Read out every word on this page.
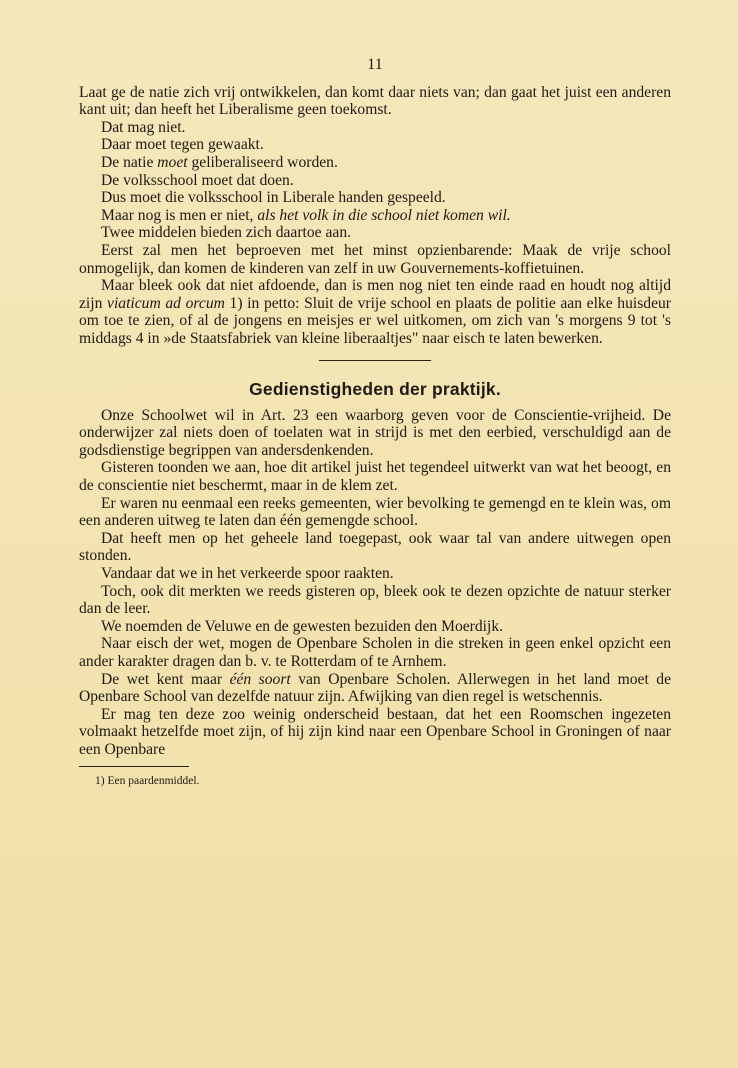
11

Laat ge de natie zich vrij ontwikkelen, dan komt daar niets van; dan gaat het juist een anderen kant uit; dan heeft het Liberalisme geen toekomst.

Dat mag niet.

Daar moet tegen gewaakt.

De natie moet geliberaliseerd worden.

De volksschool moet dat doen.

Dus moet die volksschool in Liberale handen gespeeld.

Maar nog is men er niet, als het volk in die school niet komen wil.

Twee middelen bieden zich daartoe aan.

Eerst zal men het beproeven met het minst opzienbarende: Maak de vrije school onmogelijk, dan komen de kinderen van zelf in uw Gouvernements-koffietuinen.

Maar bleek ook dat niet afdoende, dan is men nog niet ten einde raad en houdt nog altijd zijn viaticum ad orcum 1) in petto: Sluit de vrije school en plaats de politie aan elke huisdeur om toe te zien, of al de jongens en meisjes er wel uitkomen, om zich van 's morgens 9 tot 's middags 4 in »de Staatsfabriek van kleine liberaaltjes" naar eisch te laten bewerken.

Gedienstigheden der praktijk.

Onze Schoolwet wil in Art. 23 een waarborg geven voor de Conscientie-vrijheid. De onderwijzer zal niets doen of toelaten wat in strijd is met den eerbied, verschuldigd aan de godsdienstige begrippen van andersdenkenden.

Gisteren toonden we aan, hoe dit artikel juist het tegendeel uitwerkt van wat het beoogt, en de conscientie niet beschermt, maar in de klem zet.

Er waren nu eenmaal een reeks gemeenten, wier bevolking te gemengd en te klein was, om een anderen uitweg te laten dan één gemengde school.

Dat heeft men op het geheele land toegepast, ook waar tal van andere uitwegen open stonden.

Vandaar dat we in het verkeerde spoor raakten.

Toch, ook dit merkten we reeds gisteren op, bleek ook te dezen opzichte de natuur sterker dan de leer.

We noemden de Veluwe en de gewesten bezuiden den Moerdijk.

Naar eisch der wet, mogen de Openbare Scholen in die streken in geen enkel opzicht een ander karakter dragen dan b. v. te Rotterdam of te Arnhem.

De wet kent maar één soort van Openbare Scholen. Allerwegen in het land moet de Openbare School van dezelfde natuur zijn. Afwijking van dien regel is wetschennis.

Er mag ten deze zoo weinig onderscheid bestaan, dat het een Roomschen ingezeten volmaakt hetzelfde moet zijn, of hij zijn kind naar een Openbare School in Groningen of naar een Openbare

1) Een paardenmiddel.
